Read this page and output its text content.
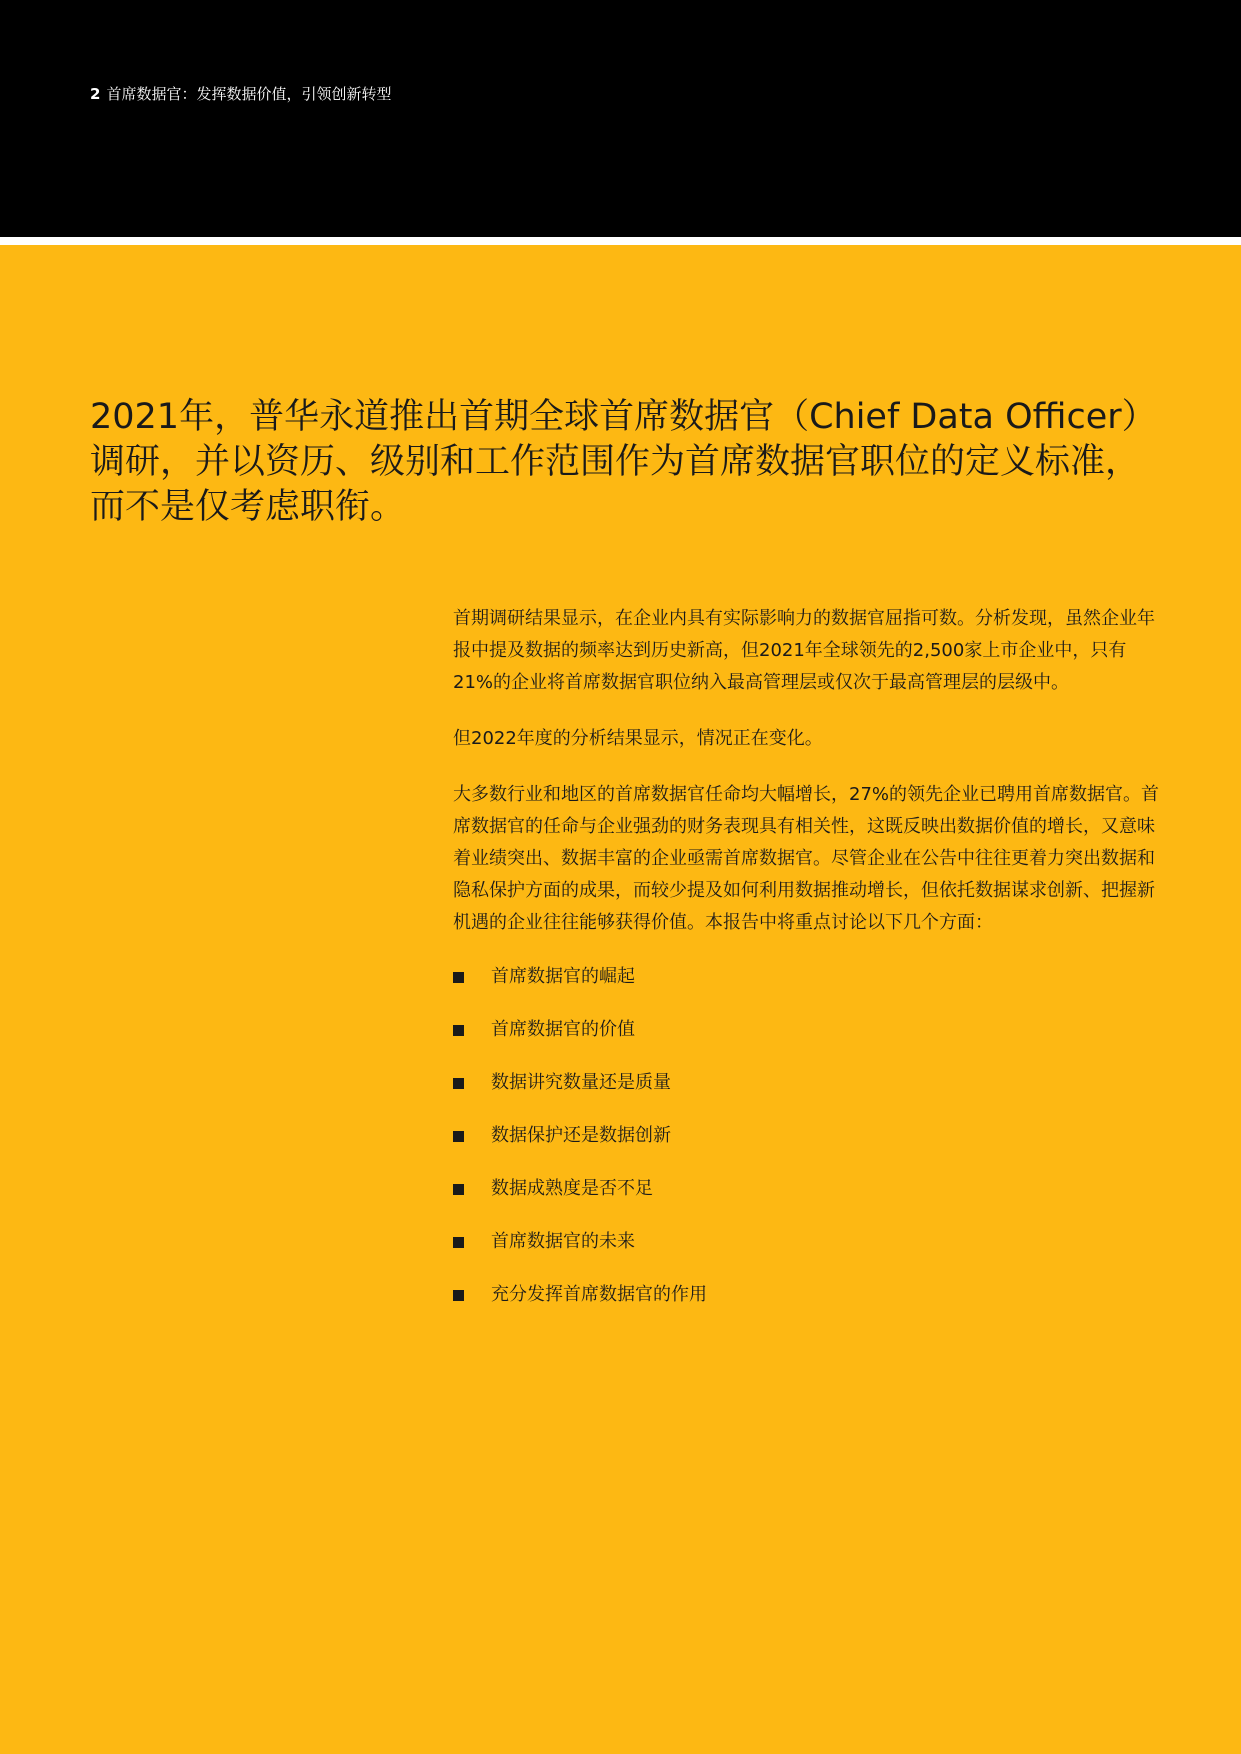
2 首席数据官：发挥数据价值，引领创新转型
2021年，普华永道推出首期全球首席数据官（Chief Data Officer）调研，并以资历、级别和工作范围作为首席数据官职位的定义标准，而不是仅考虑职衔。

首期调研结果显示，在企业内具有实际影响力的数据官屈指可数。分析发现，虽然企业年报中提及数据的频率达到历史新高，但2021年全球领先的2,500家上市企业中，只有21%的企业将首席数据官职位纳入最高管理层或仅次于最高管理层的层级中。

但2022年度的分析结果显示，情况正在变化。

大多数行业和地区的首席数据官任命均大幅增长，27%的领先企业已聘用首席数据官。首席数据官的任命与企业强劲的财务表现具有相关性，这既反映出数据价值的增长，又意味着业绩突出、数据丰富的企业亟需首席数据官。尽管企业在公告中往往更着力突出数据和隐私保护方面的成果，而较少提及如何利用数据推动增长，但依托数据谋求创新、把握新机遇的企业往往能够获得价值。本报告中将重点讨论以下几个方面：

首席数据官的崛起
首席数据官的价值
数据讲究数量还是质量
数据保护还是数据创新
数据成熟度是否不足
首席数据官的未来
充分发挥首席数据官的作用
